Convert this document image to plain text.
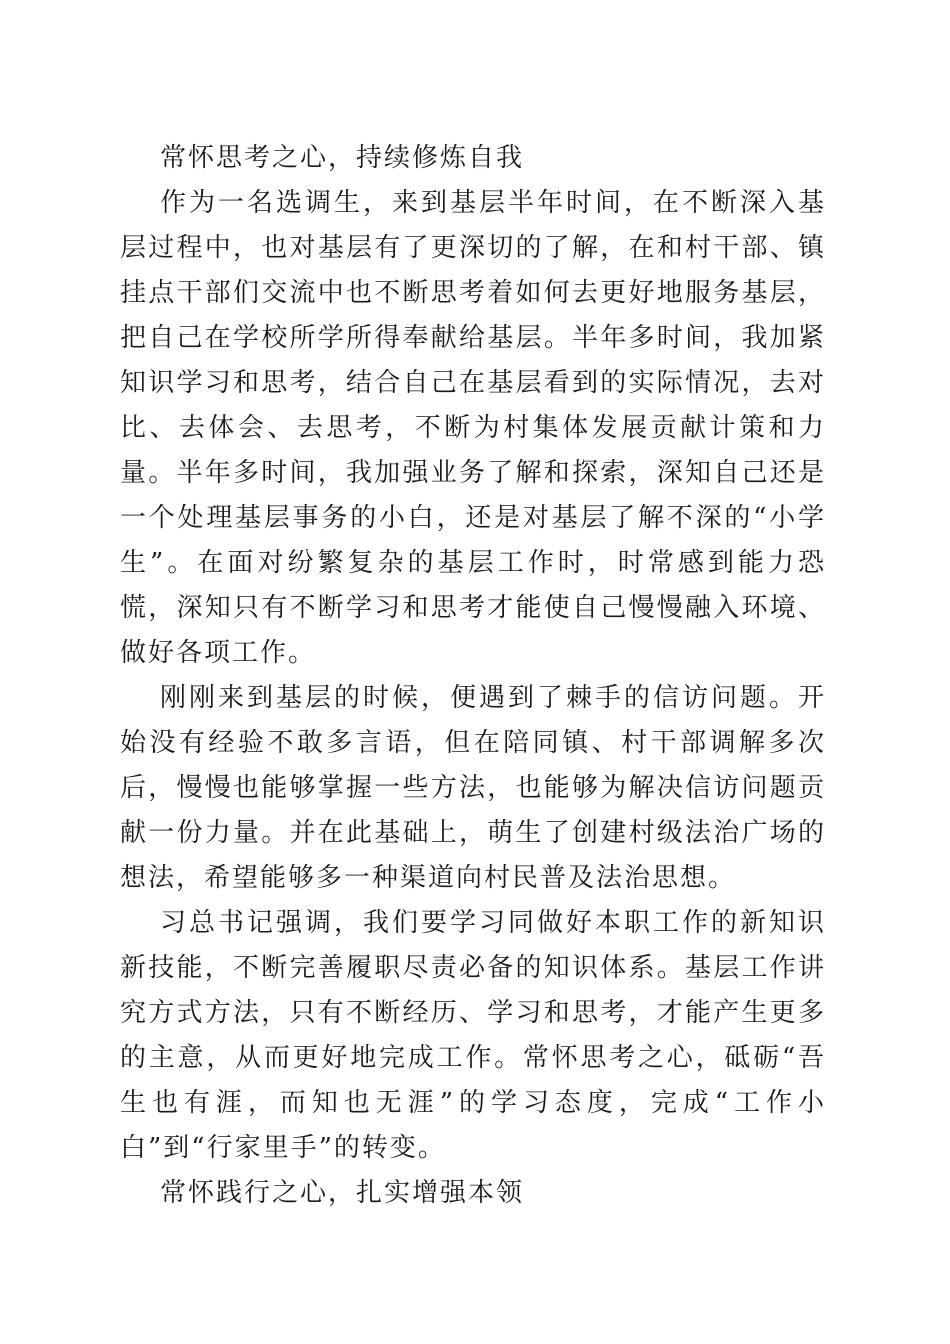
常怀思考之心，持续修炼自我

作为一名选调生，来到基层半年时间，在不断深入基层过程中，也对基层有了更深切的了解，在和村干部、镇挂点干部们交流中也不断思考着如何去更好地服务基层，把自己在学校所学所得奉献给基层。半年多时间，我加紧知识学习和思考，结合自己在基层看到的实际情况，去对比、去体会、去思考，不断为村集体发展贡献计策和力量。半年多时间，我加强业务了解和探索，深知自己还是一个处理基层事务的小白，还是对基层了解不深的“小学生”。在面对纷繁复杂的基层工作时，时常感到能力恐慌，深知只有不断学习和思考才能使自己慢慢融入环境、做好各项工作。

刚刚来到基层的时候，便遇到了棘手的信访问题。开始没有经验不敢多言语，但在陪同镇、村干部调解多次后，慢慢也能够掌握一些方法，也能够为解决信访问题贡献一份力量。并在此基础上，萌生了创建村级法治广场的想法，希望能够多一种渠道向村民普及法治思想。

习总书记强调，我们要学习同做好本职工作的新知识新技能，不断完善履职尽责必备的知识体系。基层工作讲究方式方法，只有不断经历、学习和思考，才能产生更多的主意，从而更好地完成工作。常怀思考之心，砥砺“吾生也有涯，而知也无涯”的学习态度，完成“工作小白”到“行家里手”的转变。

常怀践行之心，扎实增强本领
